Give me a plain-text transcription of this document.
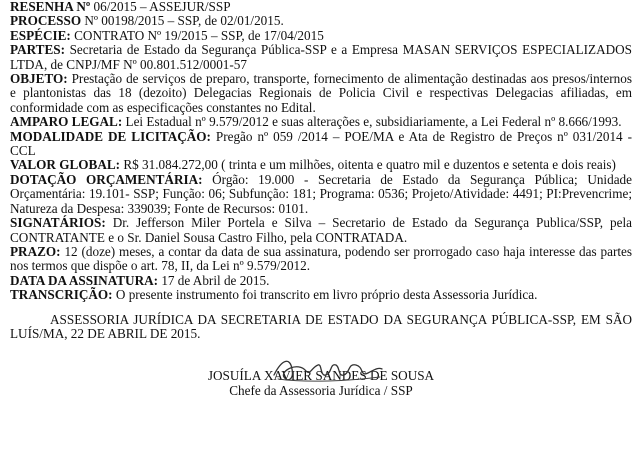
RESENHA Nº 06/2015 – ASSEJUR/SSP

PROCESSO Nº 00198/2015 – SSP, de 02/01/2015.

ESPÉCIE: CONTRATO Nº 19/2015 – SSP, de 17/04/2015

PARTES: Secretaria de Estado da Segurança Pública-SSP e a Empresa MASAN SERVIÇOS ESPECIALIZADOS LTDA, de CNPJ/MF Nº 00.801.512/0001-57

OBJETO: Prestação de serviços de preparo, transporte, fornecimento de alimentação destinadas aos presos/internos e plantonistas das 18 (dezoito) Delegacias Regionais de Policia Civil e respectivas Delegacias afiliadas, em conformidade com as especificações constantes no Edital.

AMPARO LEGAL: Lei Estadual nº 9.579/2012 e suas alterações e, subsidiariamente, a Lei Federal nº 8.666/1993.

MODALIDADE DE LICITAÇÃO: Pregão nº 059 /2014 – POE/MA e Ata de Registro de Preços nº 031/2014 - CCL

VALOR GLOBAL: R$ 31.084.272,00 ( trinta e um milhões, oitenta e quatro mil e duzentos e setenta e dois reais)

DOTAÇÃO ORÇAMENTÁRIA: Órgão: 19.000 - Secretaria de Estado da Segurança Pública; Unidade Orçamentária: 19.101- SSP; Função: 06; Subfunção: 181; Programa: 0536; Projeto/Atividade: 4491; PI:Prevencrime; Natureza da Despesa: 339039; Fonte de Recursos: 0101.

SIGNATÁRIOS: Dr. Jefferson Miler Portela e Silva – Secretario de Estado da Segurança Publica/SSP, pela CONTRATANTE e o Sr. Daniel Sousa Castro Filho, pela CONTRATADA.

PRAZO: 12 (doze) meses, a contar da data de sua assinatura, podendo ser prorrogado caso haja interesse das partes nos termos que dispõe o art. 78, II, da Lei nº 9.579/2012.

DATA DA ASSINATURA: 17 de Abril de 2015.

TRANSCRIÇÃO: O presente instrumento foi transcrito em livro próprio desta Assessoria Jurídica.

ASSESSORIA JURÍDICA DA SECRETARIA DE ESTADO DA SEGURANÇA PÚBLICA-SSP, EM SÃO LUÍS/MA, 22 DE ABRIL DE 2015.

JOSUÍLA XAVIER SANDES DE SOUSA
Chefe da Assessoria Jurídica / SSP
